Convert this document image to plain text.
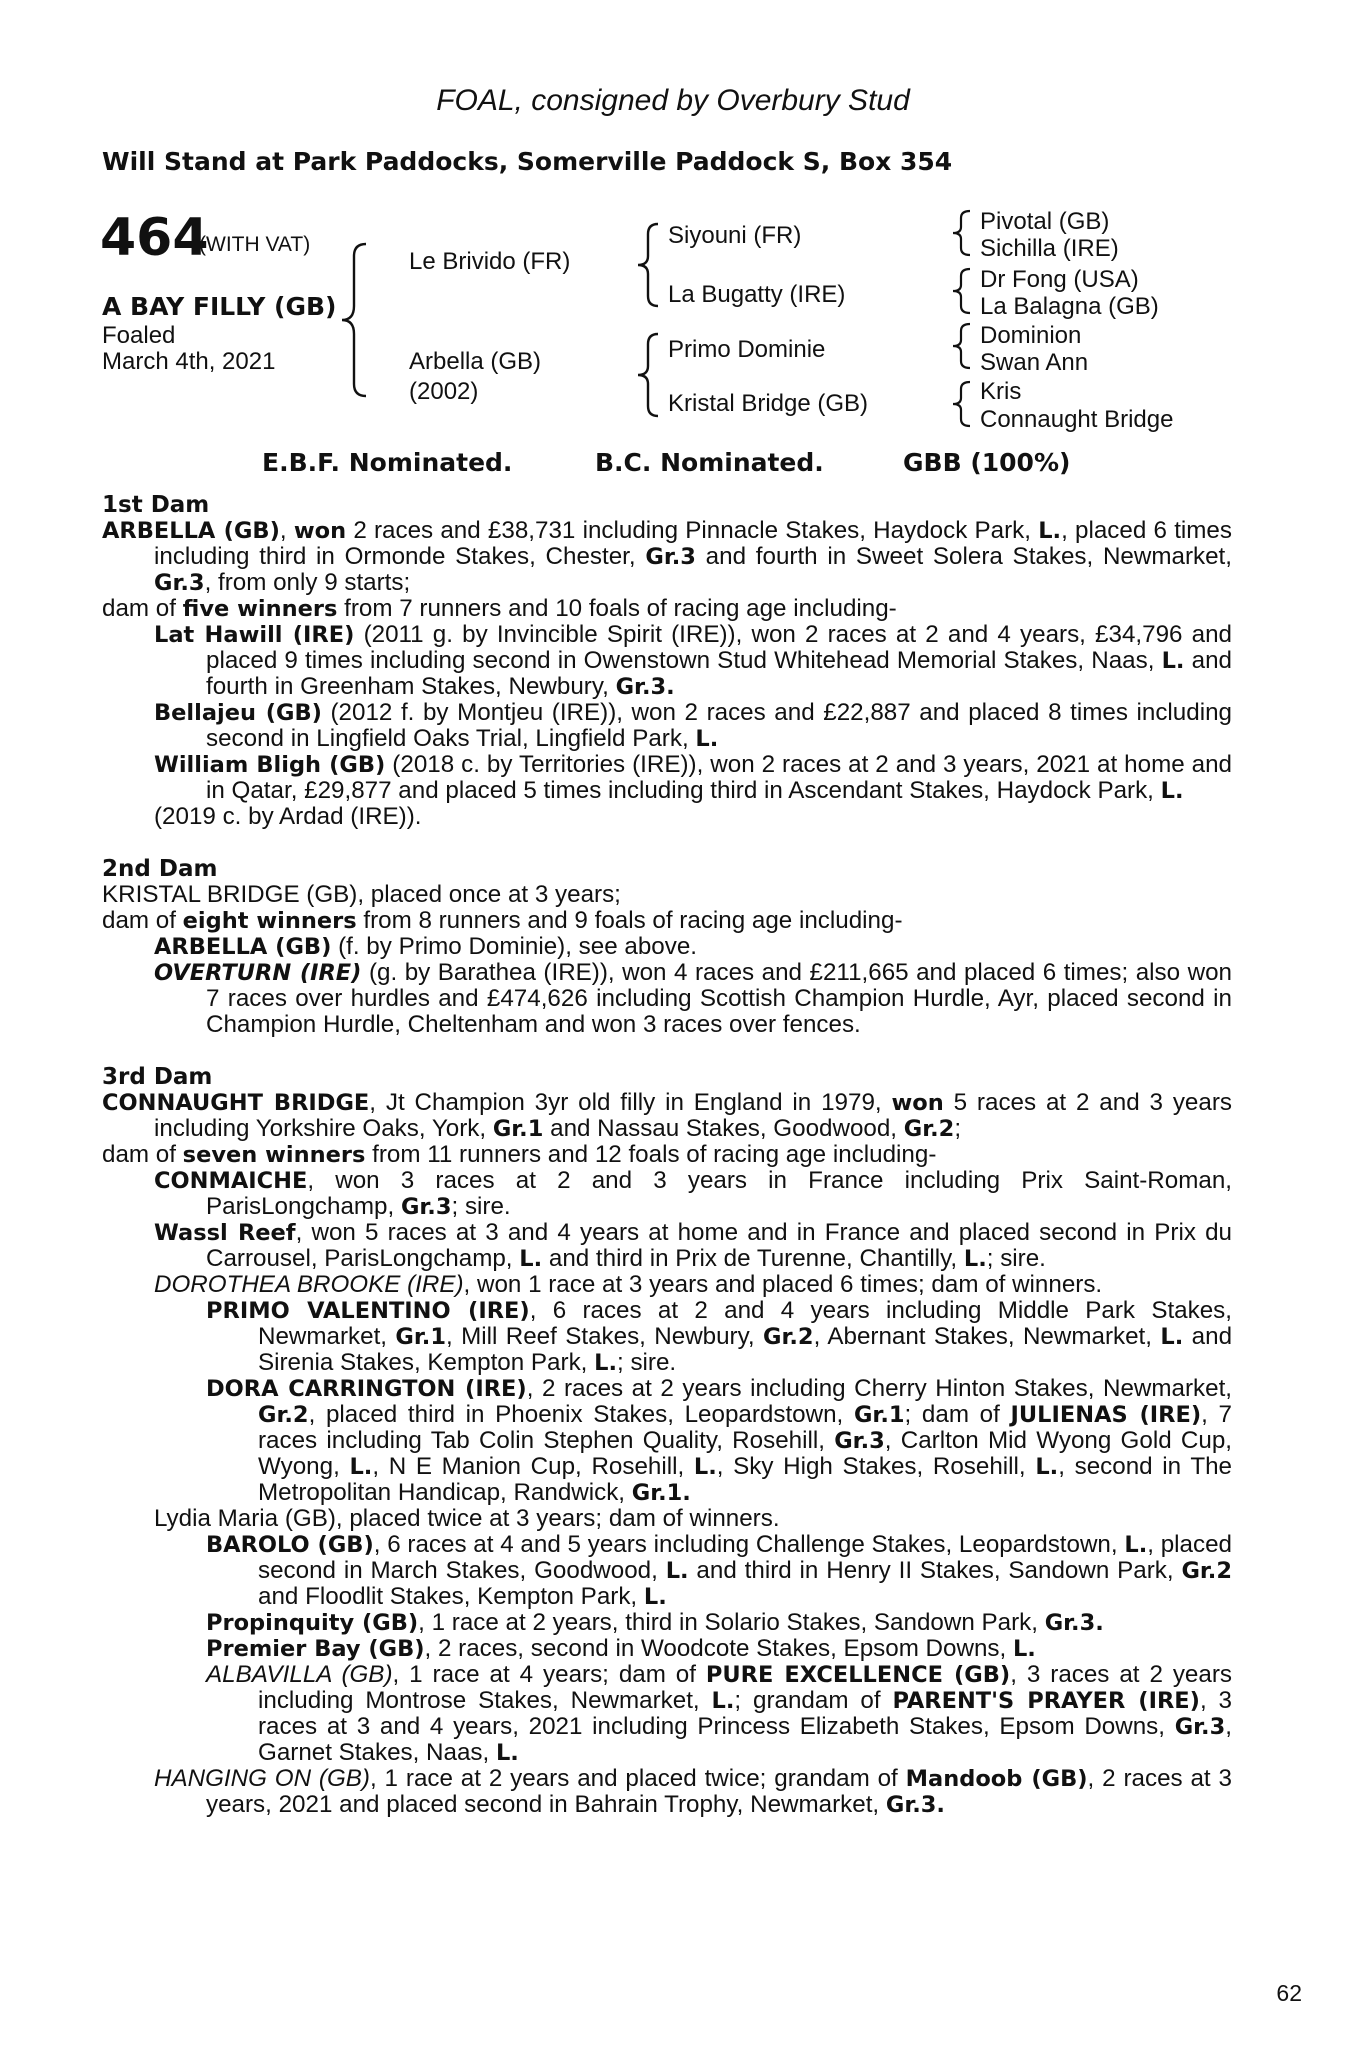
FOAL, consigned by Overbury Stud
Will Stand at Park Paddocks, Somerville Paddock S, Box 354
464
(WITH VAT)
A BAY FILLY (GB)
Foaled
March 4th, 2021
Le Brivido (FR)
Arbella (GB)
(2002)
Siyouni (FR)
La Bugatty (IRE)
Primo Dominie
Kristal Bridge (GB)
Pivotal (GB)
Sichilla (IRE)
Dr Fong (USA)
La Balagna (GB)
Dominion
Swan Ann
Kris
Connaught Bridge
E.B.F. Nominated.	B.C. Nominated.	GBB (100%)

1st Dam

ARBELLA (GB), won 2 races and £38,731 including Pinnacle Stakes, Haydock Park, L., placed 6 times including third in Ormonde Stakes, Chester, Gr.3 and fourth in Sweet Solera Stakes, Newmarket, Gr.3, from only 9 starts;

dam of five winners from 7 runners and 10 foals of racing age including-

Lat Hawill (IRE) (2011 g. by Invincible Spirit (IRE)), won 2 races at 2 and 4 years, £34,796 and placed 9 times including second in Owenstown Stud Whitehead Memorial Stakes, Naas, L. and fourth in Greenham Stakes, Newbury, Gr.3.

Bellajeu (GB) (2012 f. by Montjeu (IRE)), won 2 races and £22,887 and placed 8 times including second in Lingfield Oaks Trial, Lingfield Park, L.

William Bligh (GB) (2018 c. by Territories (IRE)), won 2 races at 2 and 3 years, 2021 at home and in Qatar, £29,877 and placed 5 times including third in Ascendant Stakes, Haydock Park, L.

(2019 c. by Ardad (IRE)).

2nd Dam

KRISTAL BRIDGE (GB), placed once at 3 years;

dam of eight winners from 8 runners and 9 foals of racing age including-

ARBELLA (GB) (f. by Primo Dominie), see above.

OVERTURN (IRE) (g. by Barathea (IRE)), won 4 races and £211,665 and placed 6 times; also won 7 races over hurdles and £474,626 including Scottish Champion Hurdle, Ayr, placed second in Champion Hurdle, Cheltenham and won 3 races over fences.

3rd Dam

CONNAUGHT BRIDGE, Jt Champion 3yr old filly in England in 1979, won 5 races at 2 and 3 years including Yorkshire Oaks, York, Gr.1 and Nassau Stakes, Goodwood, Gr.2;

dam of seven winners from 11 runners and 12 foals of racing age including-

CONMAICHE, won 3 races at 2 and 3 years in France including Prix Saint-Roman, ParisLongchamp, Gr.3; sire.

Wassl Reef, won 5 races at 3 and 4 years at home and in France and placed second in Prix du Carrousel, ParisLongchamp, L. and third in Prix de Turenne, Chantilly, L.; sire.

DOROTHEA BROOKE (IRE), won 1 race at 3 years and placed 6 times; dam of winners.

PRIMO VALENTINO (IRE), 6 races at 2 and 4 years including Middle Park Stakes, Newmarket, Gr.1, Mill Reef Stakes, Newbury, Gr.2, Abernant Stakes, Newmarket, L. and Sirenia Stakes, Kempton Park, L.; sire.

DORA CARRINGTON (IRE), 2 races at 2 years including Cherry Hinton Stakes, Newmarket, Gr.2, placed third in Phoenix Stakes, Leopardstown, Gr.1; dam of JULIENAS (IRE), 7 races including Tab Colin Stephen Quality, Rosehill, Gr.3, Carlton Mid Wyong Gold Cup, Wyong, L., N E Manion Cup, Rosehill, L., Sky High Stakes, Rosehill, L., second in The Metropolitan Handicap, Randwick, Gr.1.

Lydia Maria (GB), placed twice at 3 years; dam of winners.

BAROLO (GB), 6 races at 4 and 5 years including Challenge Stakes, Leopardstown, L., placed second in March Stakes, Goodwood, L. and third in Henry II Stakes, Sandown Park, Gr.2 and Floodlit Stakes, Kempton Park, L.

Propinquity (GB), 1 race at 2 years, third in Solario Stakes, Sandown Park, Gr.3.

Premier Bay (GB), 2 races, second in Woodcote Stakes, Epsom Downs, L.

ALBAVILLA (GB), 1 race at 4 years; dam of PURE EXCELLENCE (GB), 3 races at 2 years including Montrose Stakes, Newmarket, L.; grandam of PARENT'S PRAYER (IRE), 3 races at 3 and 4 years, 2021 including Princess Elizabeth Stakes, Epsom Downs, Gr.3, Garnet Stakes, Naas, L.

HANGING ON (GB), 1 race at 2 years and placed twice; grandam of Mandoob (GB), 2 races at 3 years, 2021 and placed second in Bahrain Trophy, Newmarket, Gr.3.

62
